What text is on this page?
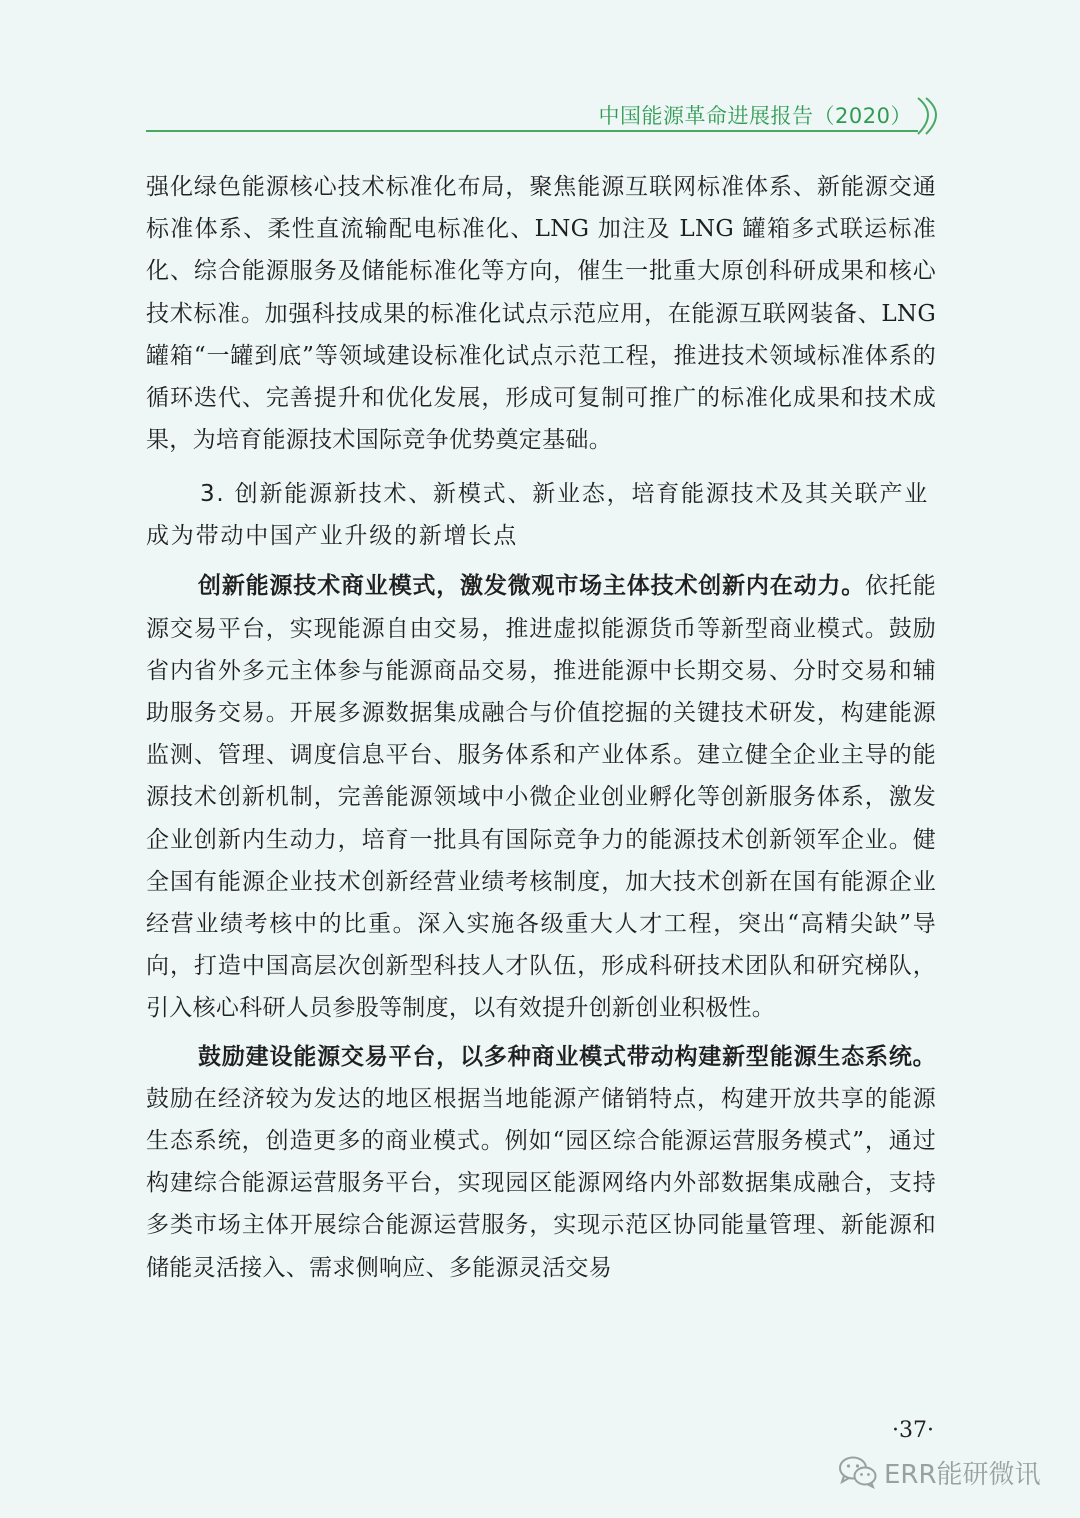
中国能源革命进展报告（2020）

强化绿色能源核心技术标准化布局，聚焦能源互联网标准体系、新能源交通标准体系、柔性直流输配电标准化、LNG 加注及 LNG 罐箱多式联运标准化、综合能源服务及储能标准化等方向，催生一批重大原创科研成果和核心技术标准。加强科技成果的标准化试点示范应用，在能源互联网装备、LNG 罐箱“一罐到底”等领域建设标准化试点示范工程，推进技术领域标准体系的循环迭代、完善提升和优化发展，形成可复制可推广的标准化成果和技术成果，为培育能源技术国际竞争优势奠定基础。

3. 创新能源新技术、新模式、新业态，培育能源技术及其关联产业成为带动中国产业升级的新增长点

创新能源技术商业模式，激发微观市场主体技术创新内在动力。依托能源交易平台，实现能源自由交易，推进虚拟能源货币等新型商业模式。鼓励省内省外多元主体参与能源商品交易，推进能源中长期交易、分时交易和辅助服务交易。开展多源数据集成融合与价值挖掘的关键技术研发，构建能源监测、管理、调度信息平台、服务体系和产业体系。建立健全企业主导的能源技术创新机制，完善能源领域中小微企业创业孵化等创新服务体系，激发企业创新内生动力，培育一批具有国际竞争力的能源技术创新领军企业。健全国有能源企业技术创新经营业绩考核制度，加大技术创新在国有能源企业经营业绩考核中的比重。深入实施各级重大人才工程，突出“高精尖缺”导向，打造中国高层次创新型科技人才队伍，形成科研技术团队和研究梯队，引入核心科研人员参股等制度，以有效提升创新创业积极性。

鼓励建设能源交易平台，以多种商业模式带动构建新型能源生态系统。鼓励在经济较为发达的地区根据当地能源产储销特点，构建开放共享的能源生态系统，创造更多的商业模式。例如“园区综合能源运营服务模式”，通过构建综合能源运营服务平台，实现园区能源网络内外部数据集成融合，支持多类市场主体开展综合能源运营服务，实现示范区协同能量管理、新能源和储能灵活接入、需求侧响应、多能源灵活交易

·37·
ERR能研微讯
